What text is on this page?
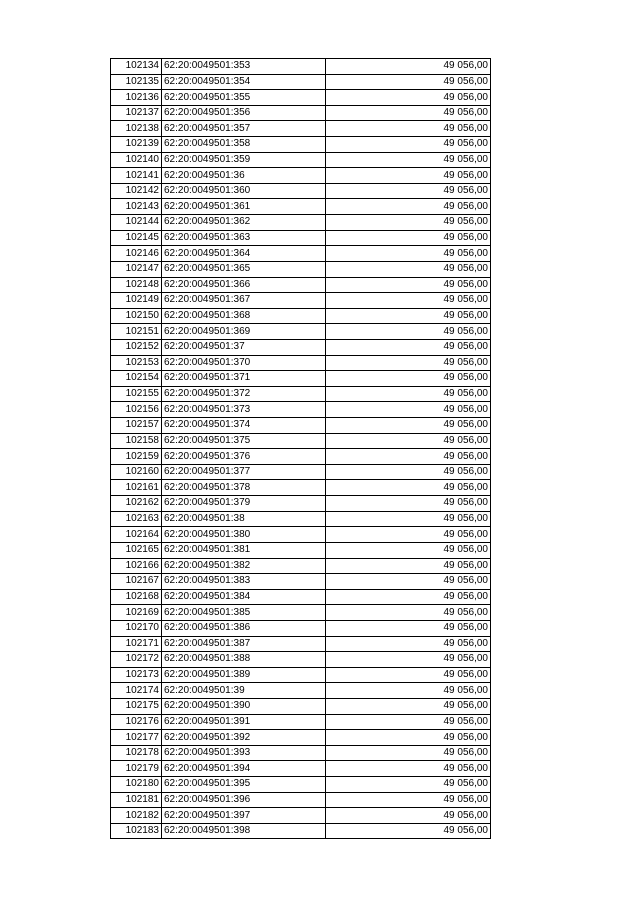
102134	62:20:0049501:353	49 056,00
102135	62:20:0049501:354	49 056,00
102136	62:20:0049501:355	49 056,00
102137	62:20:0049501:356	49 056,00
102138	62:20:0049501:357	49 056,00
102139	62:20:0049501:358	49 056,00
102140	62:20:0049501:359	49 056,00
102141	62:20:0049501:36	49 056,00
102142	62:20:0049501:360	49 056,00
102143	62:20:0049501:361	49 056,00
102144	62:20:0049501:362	49 056,00
102145	62:20:0049501:363	49 056,00
102146	62:20:0049501:364	49 056,00
102147	62:20:0049501:365	49 056,00
102148	62:20:0049501:366	49 056,00
102149	62:20:0049501:367	49 056,00
102150	62:20:0049501:368	49 056,00
102151	62:20:0049501:369	49 056,00
102152	62:20:0049501:37	49 056,00
102153	62:20:0049501:370	49 056,00
102154	62:20:0049501:371	49 056,00
102155	62:20:0049501:372	49 056,00
102156	62:20:0049501:373	49 056,00
102157	62:20:0049501:374	49 056,00
102158	62:20:0049501:375	49 056,00
102159	62:20:0049501:376	49 056,00
102160	62:20:0049501:377	49 056,00
102161	62:20:0049501:378	49 056,00
102162	62:20:0049501:379	49 056,00
102163	62:20:0049501:38	49 056,00
102164	62:20:0049501:380	49 056,00
102165	62:20:0049501:381	49 056,00
102166	62:20:0049501:382	49 056,00
102167	62:20:0049501:383	49 056,00
102168	62:20:0049501:384	49 056,00
102169	62:20:0049501:385	49 056,00
102170	62:20:0049501:386	49 056,00
102171	62:20:0049501:387	49 056,00
102172	62:20:0049501:388	49 056,00
102173	62:20:0049501:389	49 056,00
102174	62:20:0049501:39	49 056,00
102175	62:20:0049501:390	49 056,00
102176	62:20:0049501:391	49 056,00
102177	62:20:0049501:392	49 056,00
102178	62:20:0049501:393	49 056,00
102179	62:20:0049501:394	49 056,00
102180	62:20:0049501:395	49 056,00
102181	62:20:0049501:396	49 056,00
102182	62:20:0049501:397	49 056,00
102183	62:20:0049501:398	49 056,00
